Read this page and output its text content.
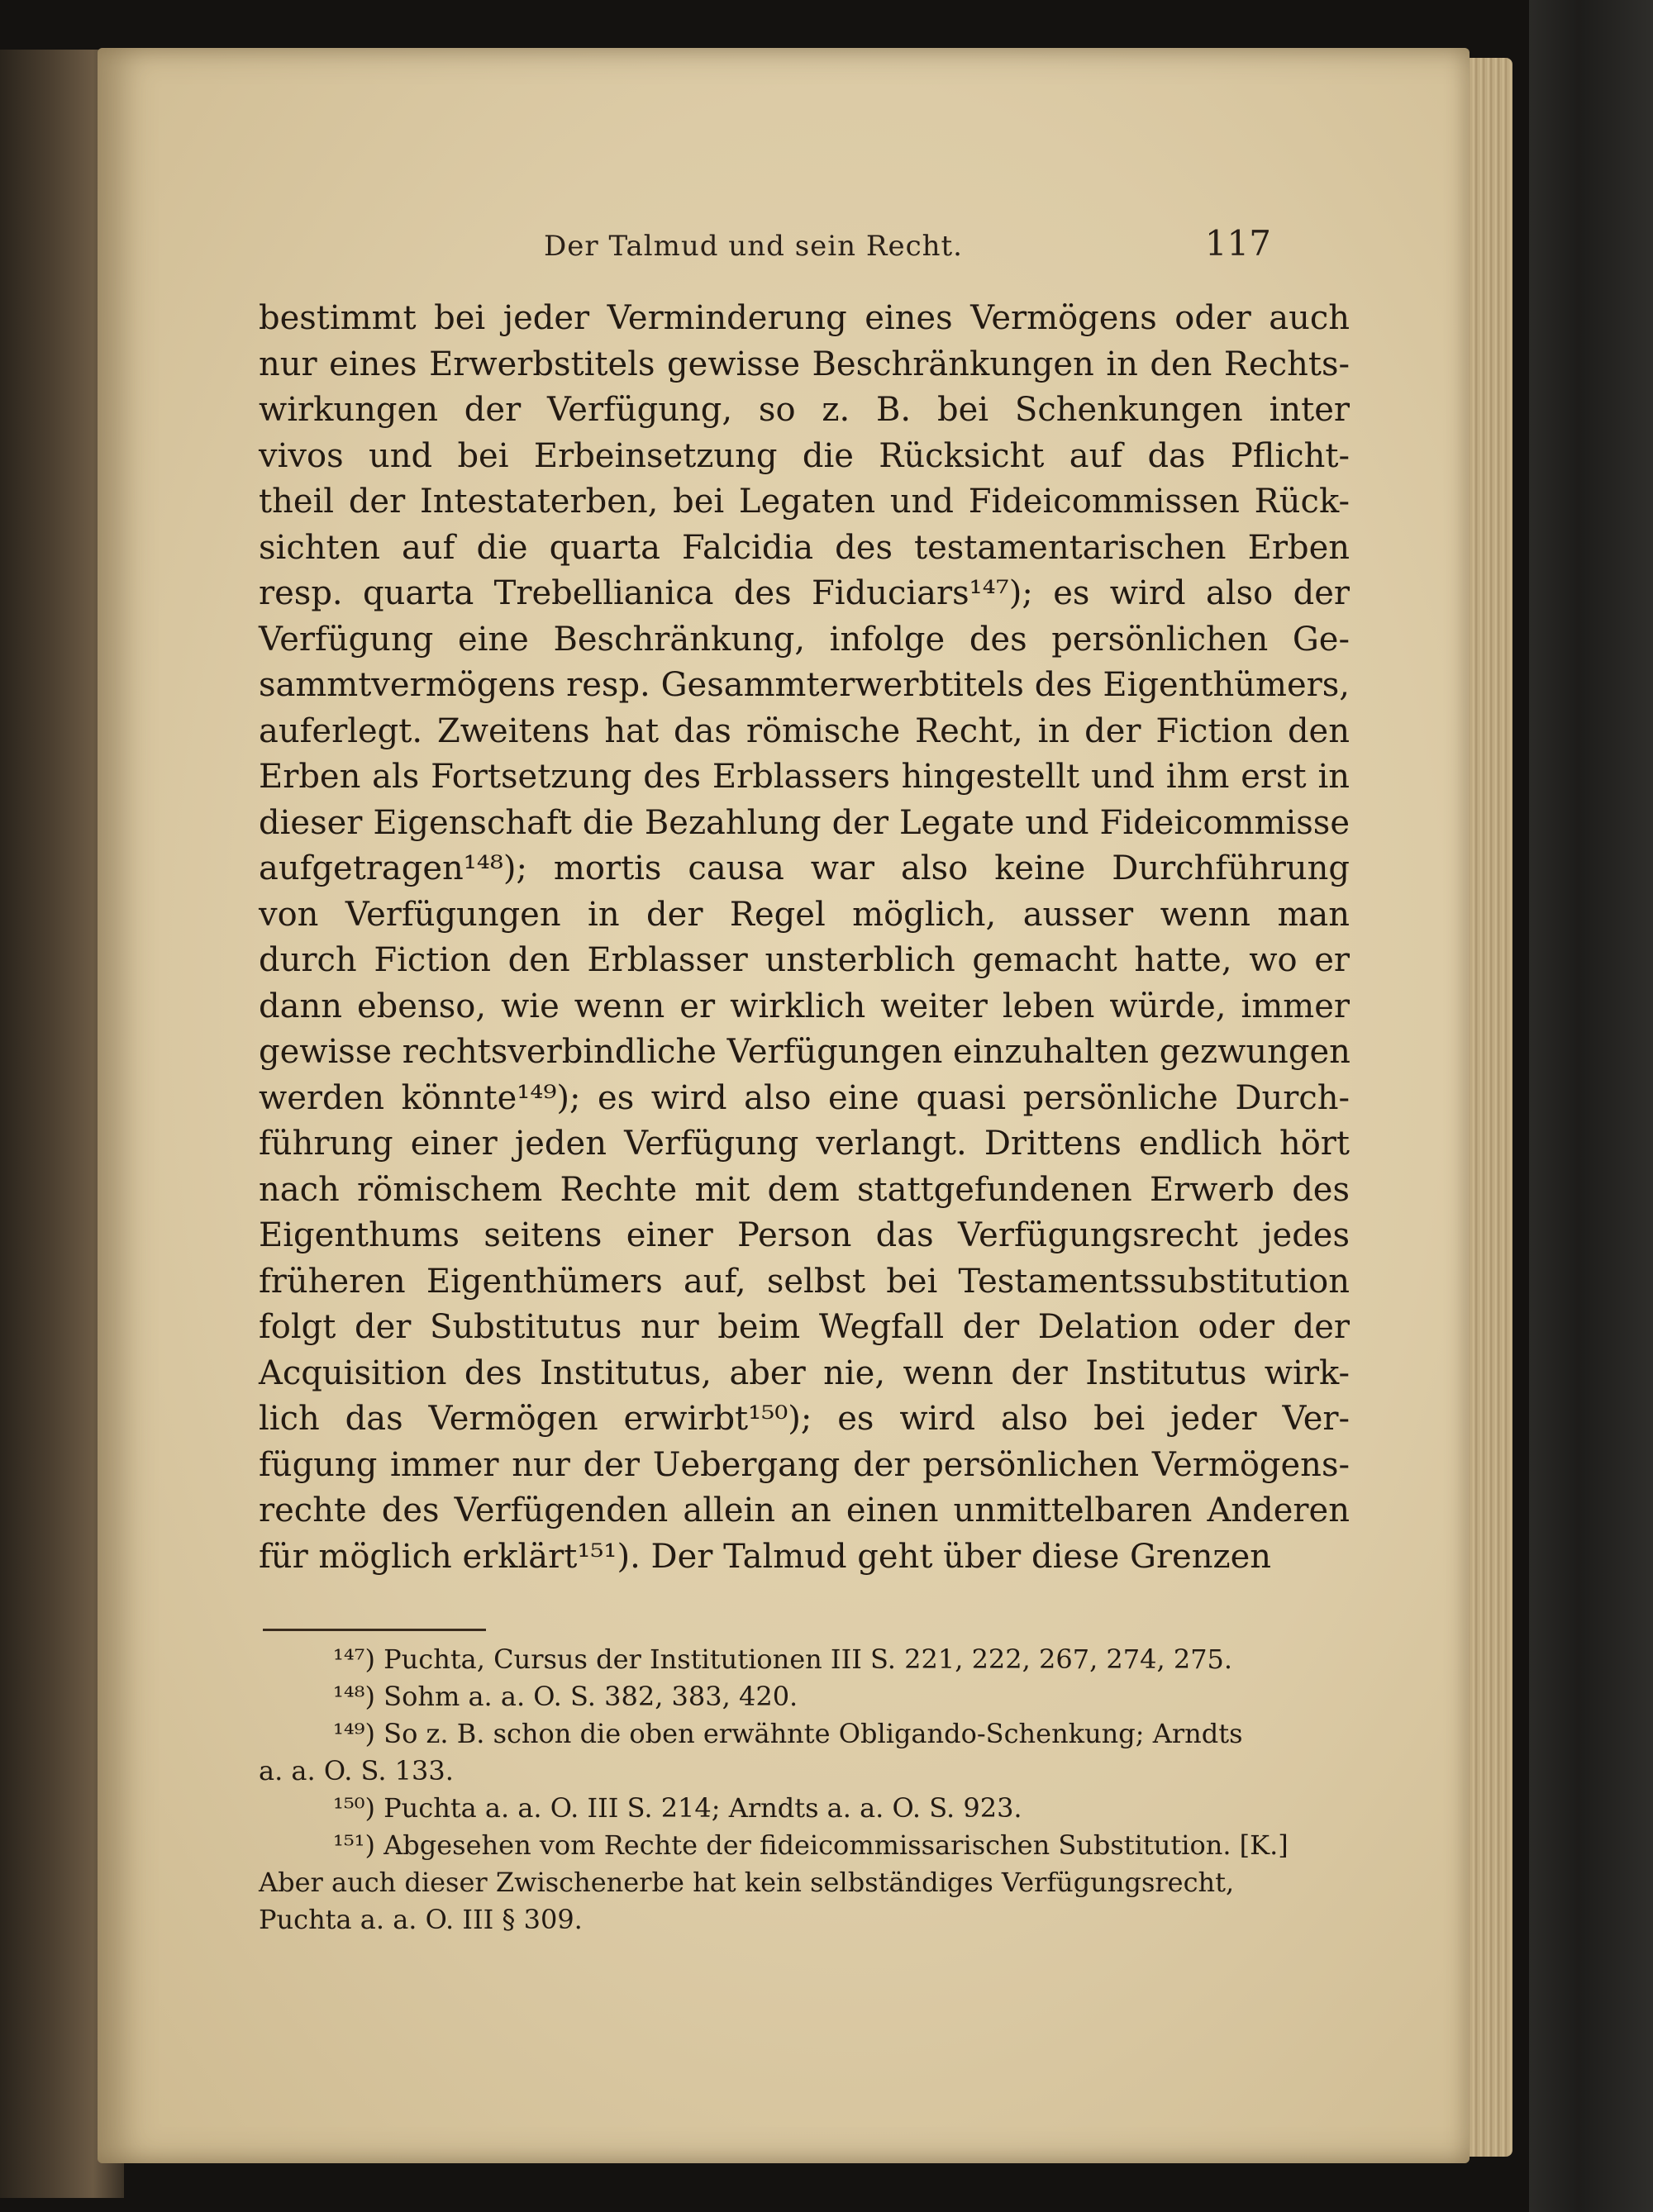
Der Talmud und sein Recht.	117
bestimmt bei jeder Verminderung eines Vermögens oder auch
nur eines Erwerbstitels gewisse Beschränkungen in den Rechts-
wirkungen der Verfügung, so z. B. bei Schenkungen inter
vivos und bei Erbeinsetzung die Rücksicht auf das Pflicht-
theil der Intestaterben, bei Legaten und Fideicommissen Rück-
sichten auf die quarta Falcidia des testamentarischen Erben
resp. quarta Trebellianica des Fiduciars¹⁴⁷); es wird also der
Verfügung eine Beschränkung, infolge des persönlichen Ge-
sammtvermögens resp. Gesammterwerbtitels des Eigenthümers,
auferlegt. Zweitens hat das römische Recht, in der Fiction den
Erben als Fortsetzung des Erblassers hingestellt und ihm erst in
dieser Eigenschaft die Bezahlung der Legate und Fideicommisse
aufgetragen¹⁴⁸); mortis causa war also keine Durchführung
von Verfügungen in der Regel möglich, ausser wenn man
durch Fiction den Erblasser unsterblich gemacht hatte, wo er
dann ebenso, wie wenn er wirklich weiter leben würde, immer
gewisse rechtsverbindliche Verfügungen einzuhalten gezwungen
werden könnte¹⁴⁹); es wird also eine quasi persönliche Durch-
führung einer jeden Verfügung verlangt. Drittens endlich hört
nach römischem Rechte mit dem stattgefundenen Erwerb des
Eigenthums seitens einer Person das Verfügungsrecht jedes
früheren Eigenthümers auf, selbst bei Testamentssubstitution
folgt der Substitutus nur beim Wegfall der Delation oder der
Acquisition des Institutus, aber nie, wenn der Institutus wirk-
lich das Vermögen erwirbt¹⁵⁰); es wird also bei jeder Ver-
fügung immer nur der Uebergang der persönlichen Vermögens-
rechte des Verfügenden allein an einen unmittelbaren Anderen
für möglich erklärt¹⁵¹). Der Talmud geht über diese Grenzen
¹⁴⁷) Puchta, Cursus der Institutionen III S. 221, 222, 267, 274, 275.
¹⁴⁸) Sohm a. a. O. S. 382, 383, 420.
¹⁴⁹) So z. B. schon die oben erwähnte Obligando-Schenkung; Arndts
a. a. O. S. 133.
¹⁵⁰) Puchta a. a. O. III S. 214; Arndts a. a. O. S. 923.
¹⁵¹) Abgesehen vom Rechte der fideicommissarischen Substitution. [K.]
Aber auch dieser Zwischenerbe hat kein selbständiges Verfügungsrecht,
Puchta a. a. O. III § 309.
